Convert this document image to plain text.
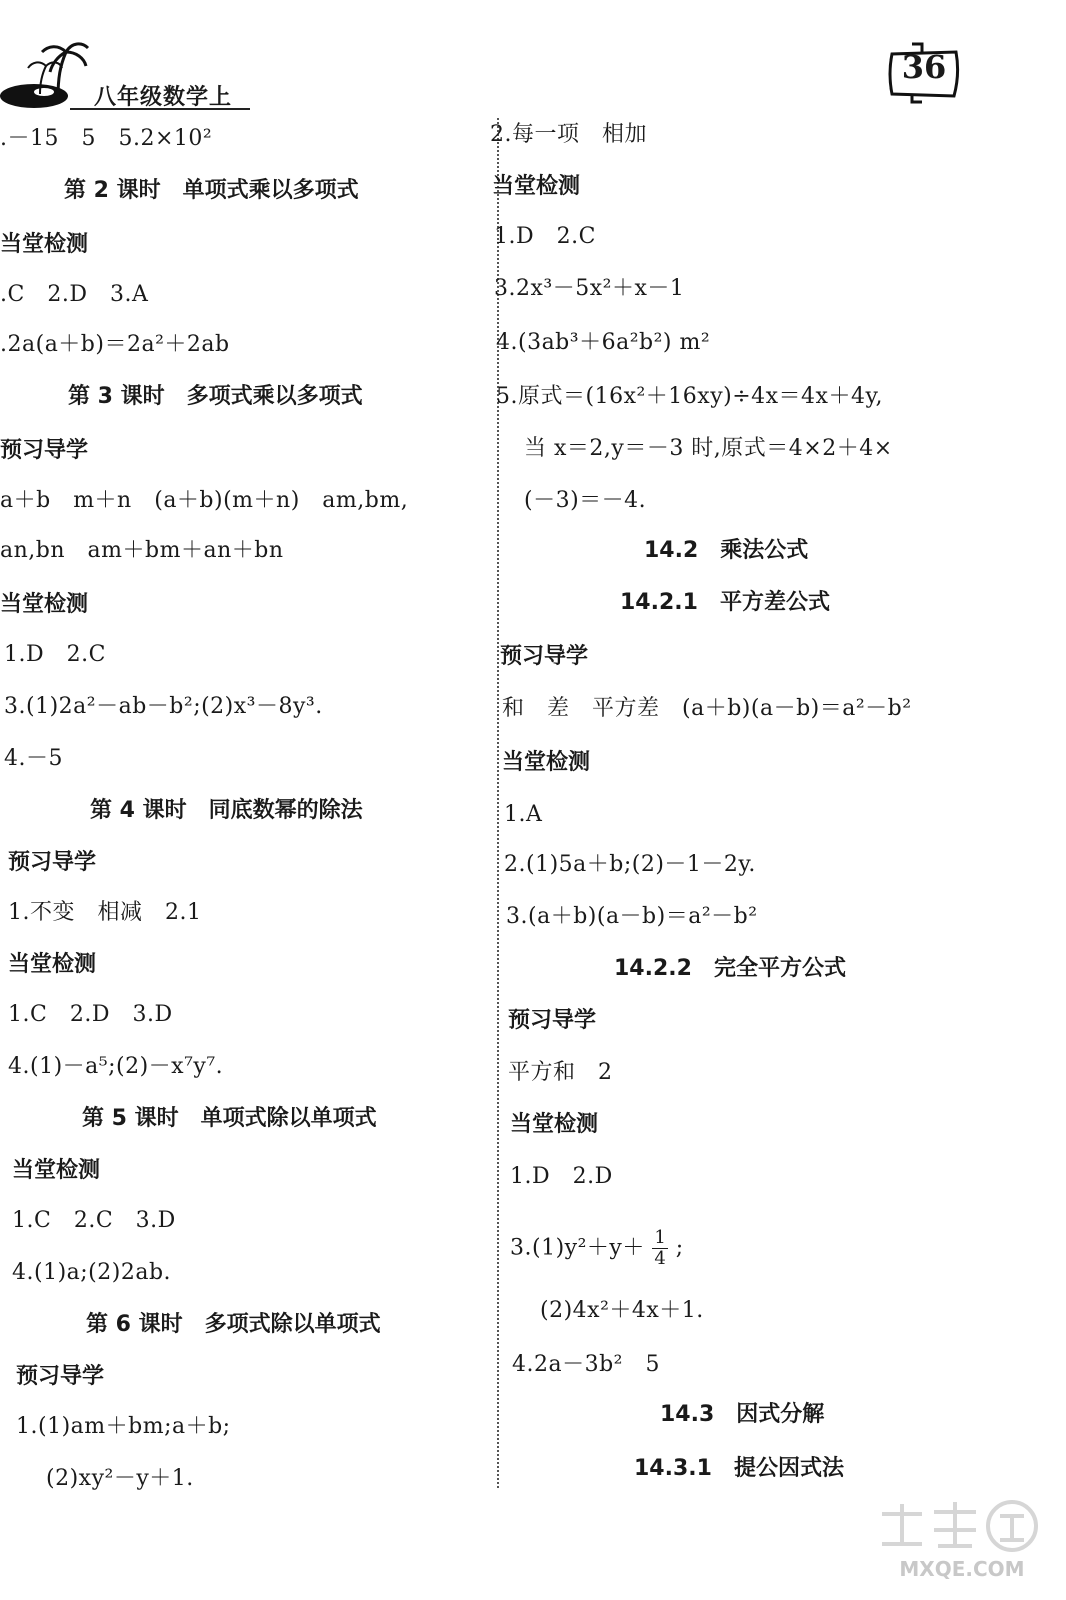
八年级数学上
36
.－15　5　5.2×10²
第 2 课时　单项式乘以多项式
当堂检测
.C　2.D　3.A
.2a(a＋b)＝2a²＋2ab
第 3 课时　多项式乘以多项式
预习导学
a＋b　m＋n　(a＋b)(m＋n)　am,bm,
an,bn　am＋bm＋an＋bn
当堂检测
1.D　2.C
3.(1)2a²－ab－b²;(2)x³－8y³.
4.－5
第 4 课时　同底数幂的除法
预习导学
1.不变　相减　2.1
当堂检测
1.C　2.D　3.D
4.(1)－a⁵;(2)－x⁷y⁷.
第 5 课时　单项式除以单项式
当堂检测
1.C　2.C　3.D
4.(1)a;(2)2ab.
第 6 课时　多项式除以单项式
预习导学
1.(1)am＋bm;a＋b;
(2)xy²－y＋1.
2.每一项　相加
当堂检测
1.D　2.C
3.2x³－5x²＋x－1
4.(3ab³＋6a²b²) m²
5.原式＝(16x²＋16xy)÷4x＝4x＋4y,
当 x＝2,y＝－3 时,原式＝4×2＋4×
(－3)＝－4.
14.2　乘法公式
14.2.1　平方差公式
预习导学
和　差　平方差　(a＋b)(a－b)＝a²－b²
当堂检测
1.A
2.(1)5a＋b;(2)－1－2y.
3.(a＋b)(a－b)＝a²－b²
14.2.2　完全平方公式
预习导学
平方和　2
当堂检测
1.D　2.D
$3.(1)y^2+y+ \frac{1}{4}$ ;
(2)4x²＋4x＋1.
4.2a－3b²　5
14.3　因式分解
14.3.1　提公因式法
MXQE.COM
